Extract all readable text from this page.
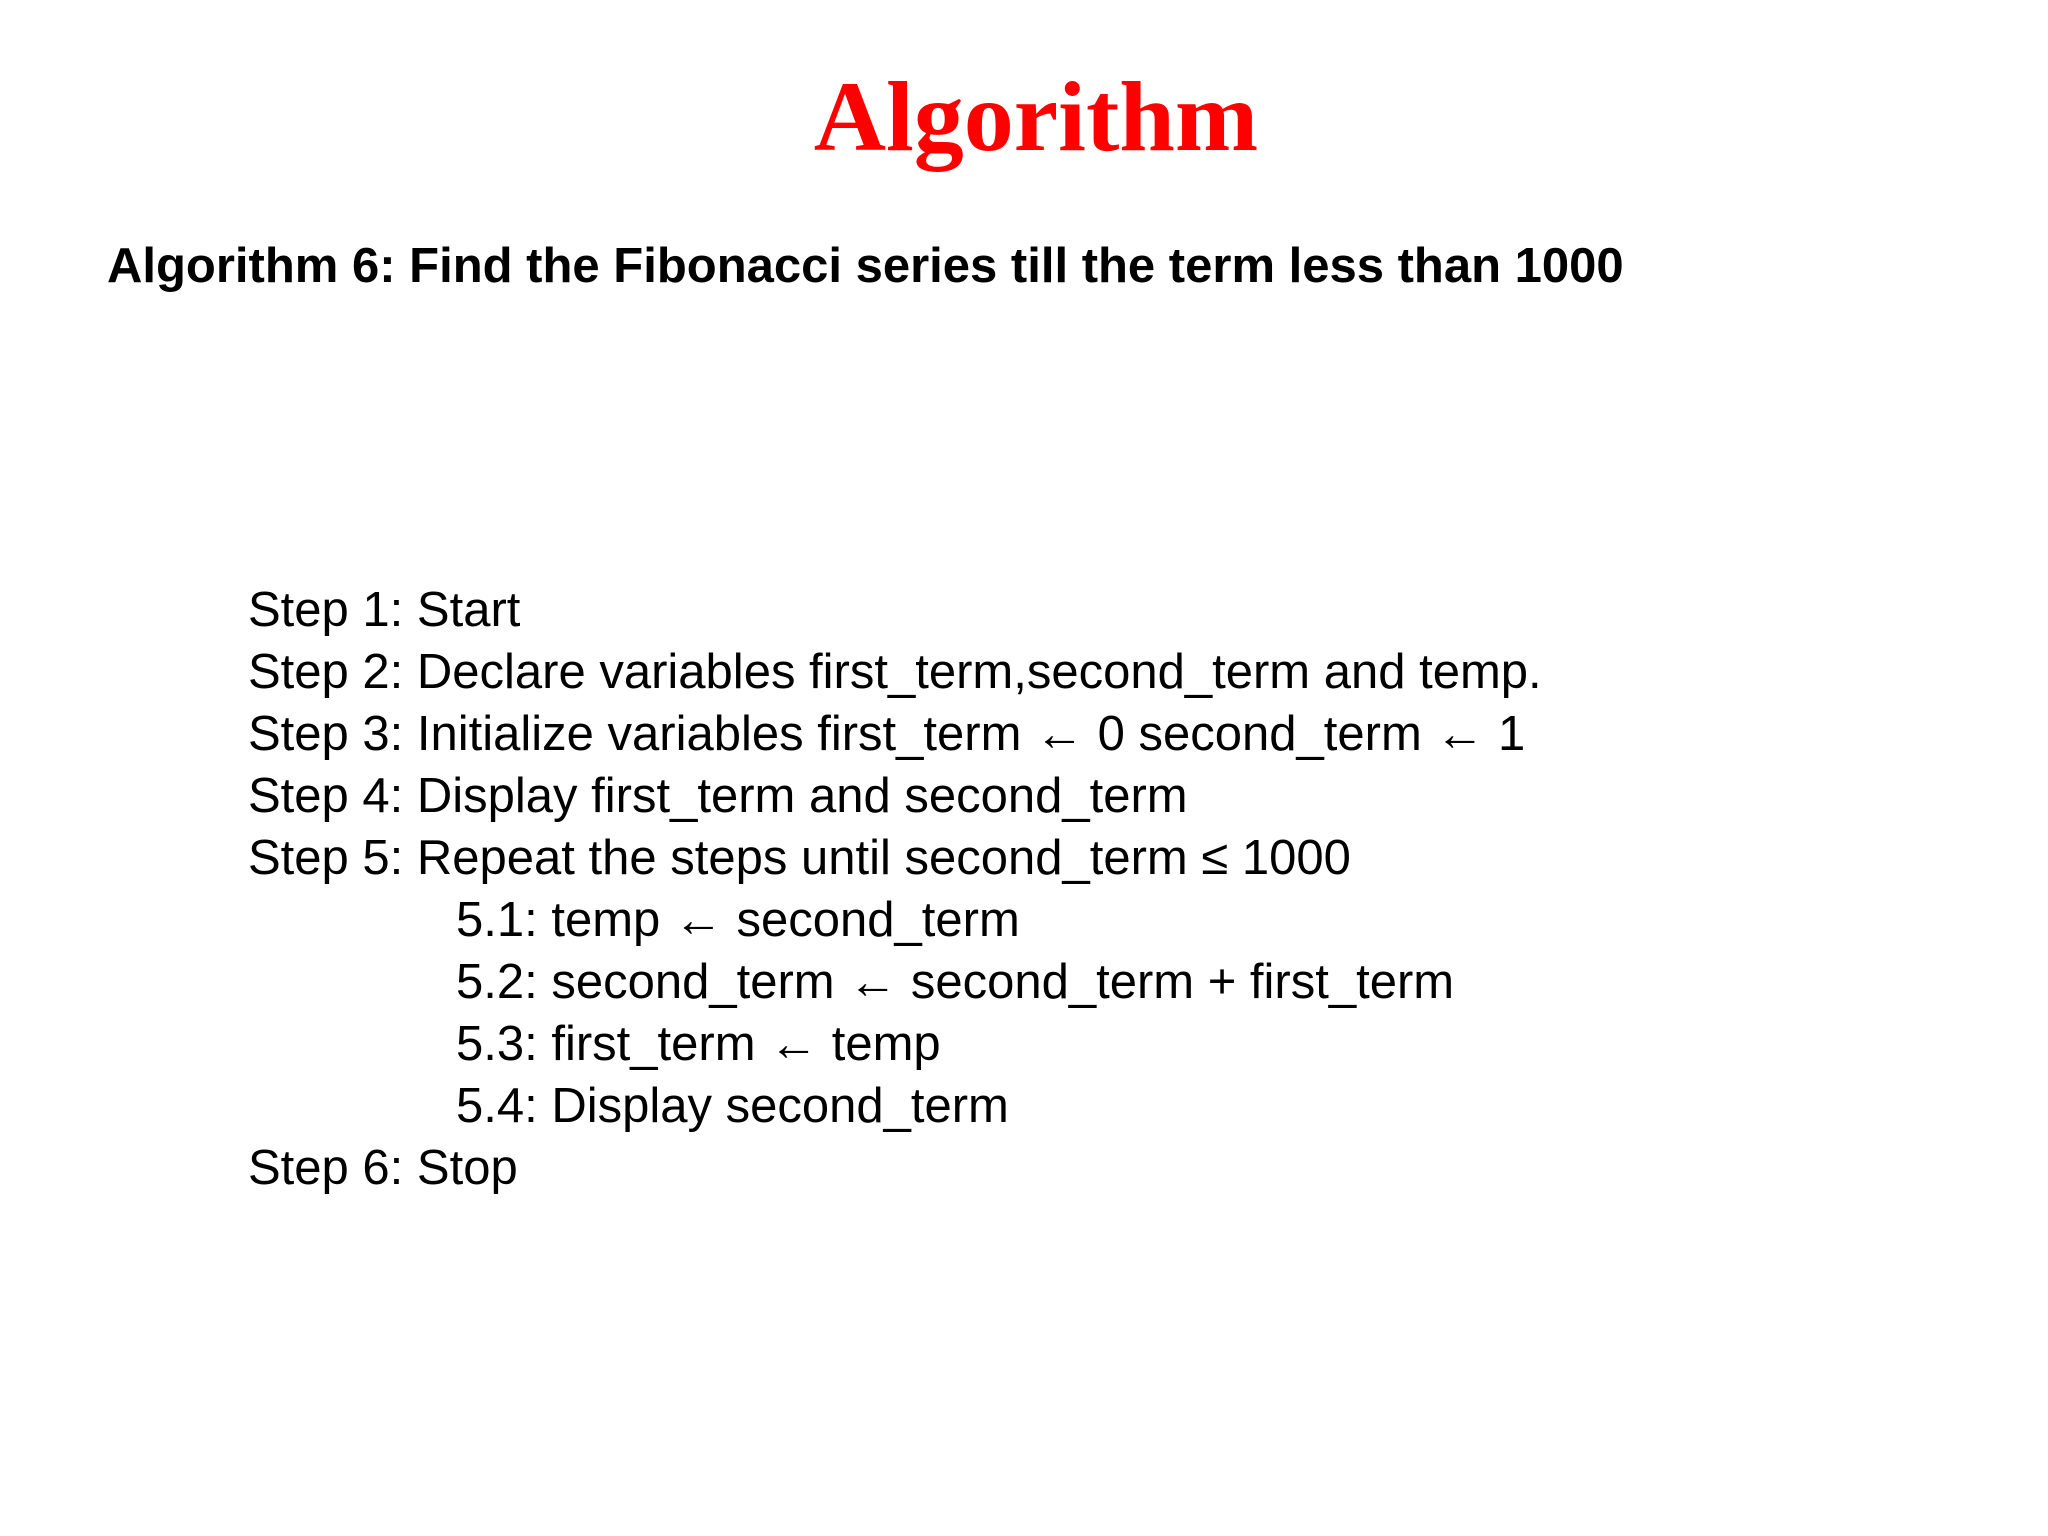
Algorithm
Algorithm 6: Find the Fibonacci series till the term less than 1000
Step 1: Start
Step 2: Declare variables first_term,second_term and temp.
Step 3: Initialize variables first_term ← 0 second_term ← 1
Step 4: Display first_term and second_term
Step 5: Repeat the steps until second_term ≤ 1000
5.1: temp ← second_term
5.2: second_term ← second_term + first_term
5.3: first_term ← temp
5.4: Display second_term
Step 6: Stop
